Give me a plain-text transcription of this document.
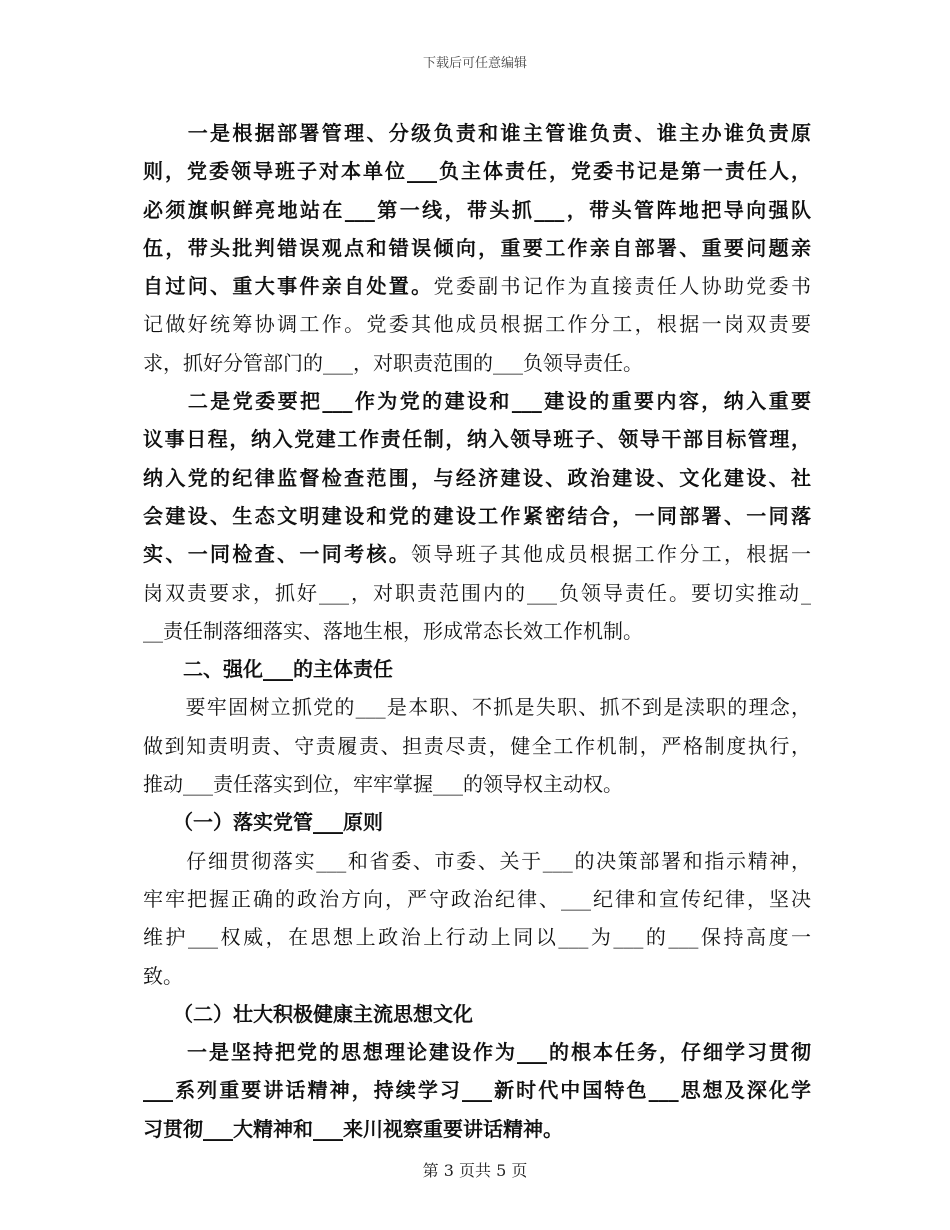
下载后可任意编辑
　　一是根据部署管理、分级负责和谁主管谁负责、谁主办谁负责原
则，党委领导班子对本单位___负主体责任，党委书记是第一责任人，
必须旗帜鲜亮地站在___第一线，带头抓___，带头管阵地把导向强队
伍，带头批判错误观点和错误倾向，重要工作亲自部署、重要问题亲
自过问、重大事件亲自处置。党委副书记作为直接责任人协助党委书
记做好统筹协调工作。党委其他成员根据工作分工，根据一岗双责要
求，抓好分管部门的___，对职责范围的___负领导责任。
　　二是党委要把___作为党的建设和___建设的重要内容，纳入重要
议事日程，纳入党建工作责任制，纳入领导班子、领导干部目标管理，
纳入党的纪律监督检查范围，与经济建设、政治建设、文化建设、社
会建设、生态文明建设和党的建设工作紧密结合，一同部署、一同落
实、一同检查、一同考核。领导班子其他成员根据工作分工，根据一
岗双责要求，抓好___，对职责范围内的___负领导责任。要切实推动_
__责任制落细落实、落地生根，形成常态长效工作机制。
　　二、强化___的主体责任
　　要牢固树立抓党的___是本职、不抓是失职、抓不到是渎职的理念，
做到知责明责、守责履责、担责尽责，健全工作机制，严格制度执行，
推动___责任落实到位，牢牢掌握___的领导权主动权。
　　（一）落实党管___原则
　　仔细贯彻落实___和省委、市委、关于___的决策部署和指示精神，
牢牢把握正确的政治方向，严守政治纪律、___纪律和宣传纪律，坚决
维护___权威，在思想上政治上行动上同以___为___的___保持高度一
致。
　　（二）壮大积极健康主流思想文化
　　一是坚持把党的思想理论建设作为___的根本任务，仔细学习贯彻
___系列重要讲话精神，持续学习___新时代中国特色___思想及深化学
习贯彻___大精神和___来川视察重要讲话精神。
第 3 页共 5 页
